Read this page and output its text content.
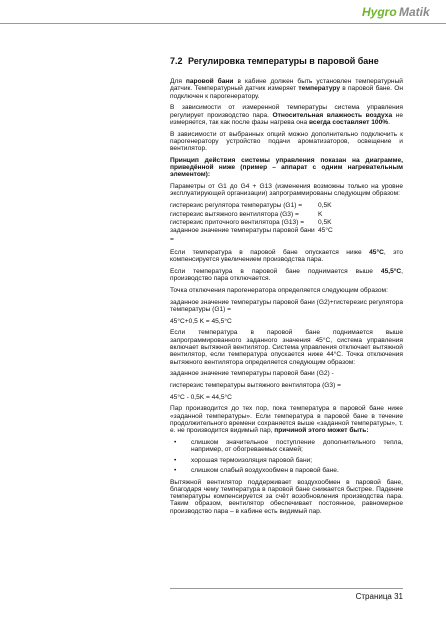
Hygro Matik
7.2 Регулировка температуры в паровой бане

Для паровой бани в кабине должен быть установлен температурный датчик. Температурный датчик измеряет температуру в паровой бане. Он подключен к парогенератору.

В зависимости от измеренной температуры система управления регулирует производство пара. Относительная влажность воздуха не измеряется, так как после фазы нагрева она всегда составляет 100%.

В зависимости от выбранных опций можно дополнительно подключить к парогенератору устройство подачи ароматизаторов, освещение и вентилятор.

Принцип действия системы управления показан на диаграмме, приведённой ниже (пример – аппарат с одним нагревательным элементом):

Параметры от G1 до G4 + G13 (изменения возможны только на уровне эксплуатирующей организации) запрограммированы следующим образом:

гистерезис регулятора температуры (G1) =	0,5K
гистерезис вытяжного вентилятора (G3) =	K
гистерезис приточного вентилятора (G13) =	0,5K
заданное значение температуры паровой бани =
45°C

Если температура в паровой бане опускается ниже 45°C, это компенсируется увеличением производства пара.

Если температура в паровой бане поднимается выше 45,5°C, производство пара отключается.

Точка отключения парогенератора определяется следующим образом:

заданное значение температуры паровой бани (G2)+гистерезис регулятора температуры (G1) =

45°C+0,5 K = 45,5°C

Если температура в паровой бане поднимается выше запрограммированного заданного значения 45°C, система управления включает вытяжной вентилятор. Система управления отключает вытяжной вентилятор, если температура опускается ниже 44°C. Точка отключения вытяжного вентилятора определяется следующим образом:

заданное значение температуры паровой бани (G2) -

гистерезис температуры вытяжного вентилятора (G3) =

45°C - 0,5K = 44,5°C

Пар производится до тех пор, пока температура в паровой бане ниже «заданной температуры». Если температура в паровой бане в течение продолжительного времени сохраняется выше «заданной температуры», т. е. не производится видимый пар, причиной этого может быть:

• слишком значительное поступление дополнительного тепла, например, от обогреваемых скамей;
• хорошая термоизоляция паровой бани;
• слишком слабый воздухообмен в паровой бане.

Вытяжной вентилятор поддерживает воздухообмен в паровой бане, благодаря чему температура в паровой бане снижается быстрее. Падение температуры компенсируется за счёт возобновления производства пара. Таким образом, вентилятор обеспечивает постоянное, равномерное производство пара – в кабине есть видимый пар.

Страница 31
